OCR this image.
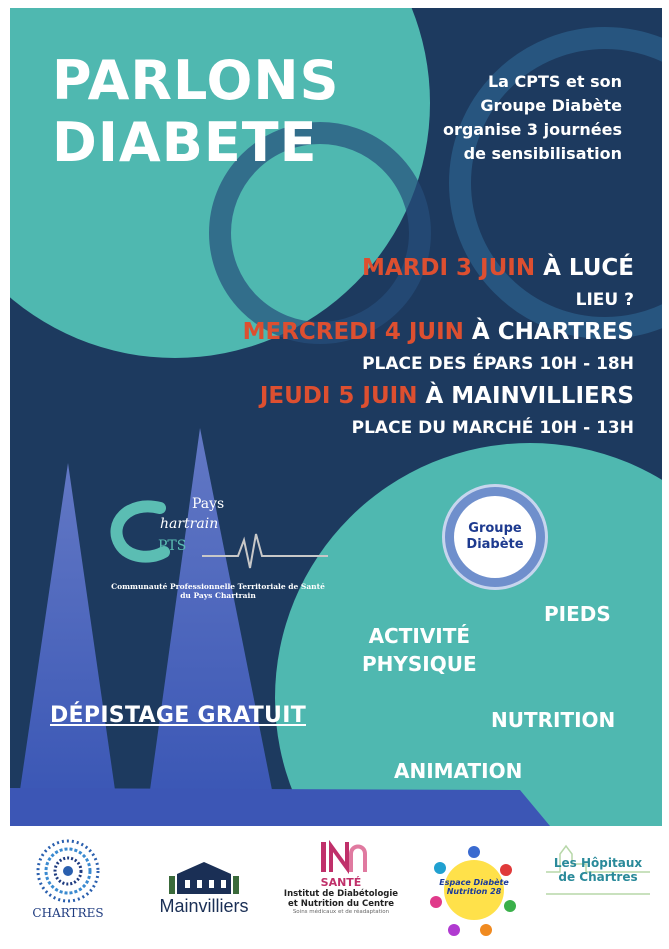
PARLONS
DIABETE
La CPTS et son
Groupe Diabète
organise 3 journées
de sensibilisation
MARDI 3 JUIN À LUCÉ
LIEU ?
MERCREDI 4 JUIN À CHARTRES
PLACE DES ÉPARS 10H - 18H
JEUDI 5 JUIN À MAINVILLIERS
PLACE DU MARCHÉ 10H - 13H
Pays
hartrain
PTS
Communauté Professionnelle Territoriale de Santé
du Pays Chartrain
Groupe
Diabète
PIEDS
ACTIVITÉ
PHYSIQUE
NUTRITION
ANIMATION
DÉPISTAGE GRATUIT
CHARTRES	Mainvilliers
SANTÉ
Institut de Diabétologie
et Nutrition du Centre
Soins médicaux et de réadaptation
Espace Diabète
Nutrition 28
Les Hôpitaux
de Chartres
